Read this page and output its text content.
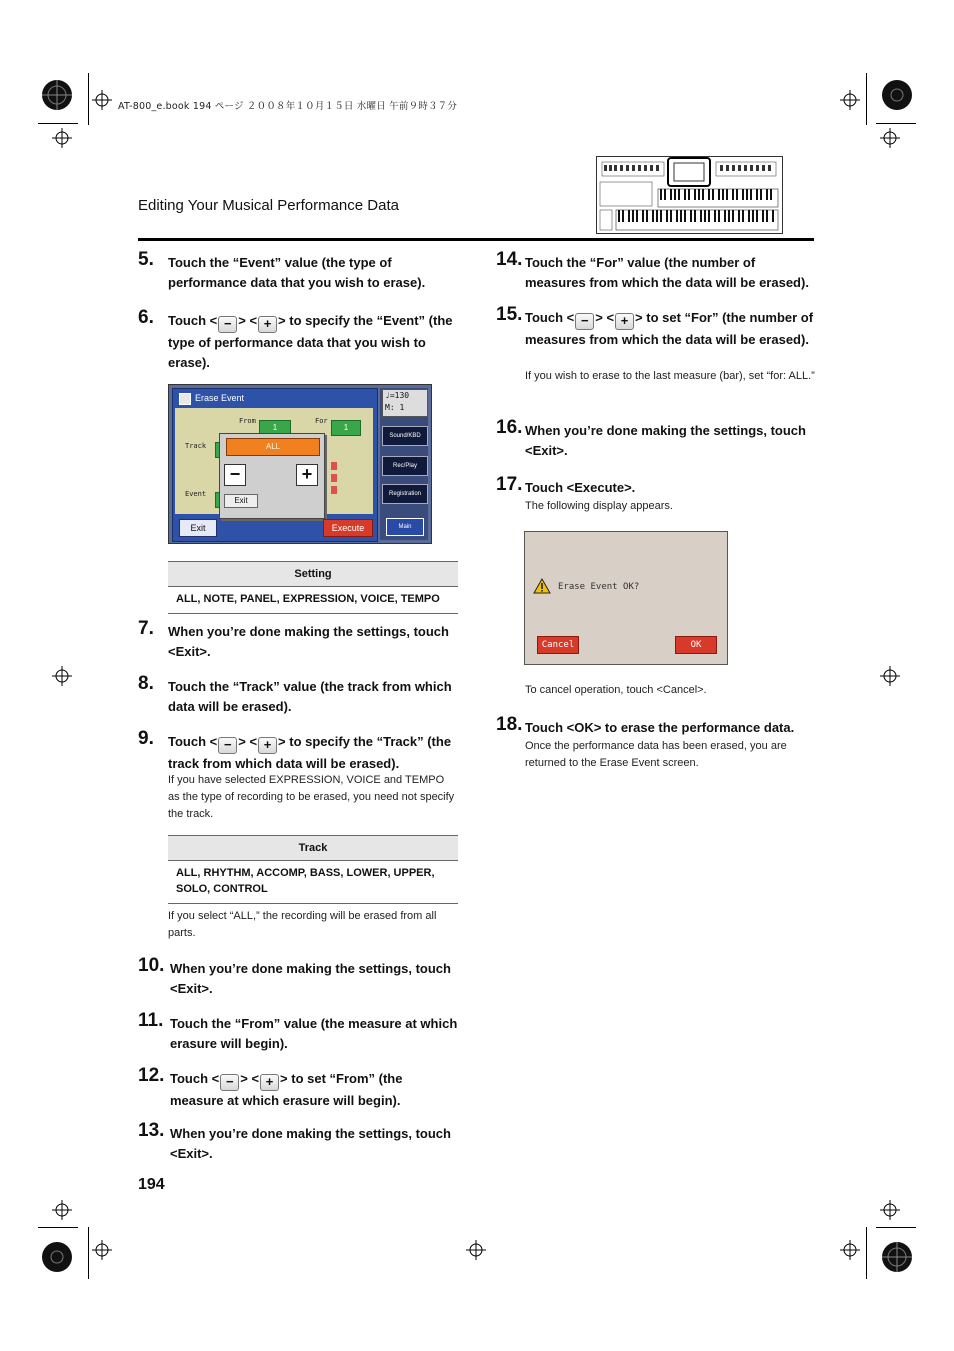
AT-800_e.book 194 ページ ２００８年１０月１５日 水曜日 午前９時３７分
Editing Your Musical Performance Data
5.	Touch the “Event” value (the type of performance data that you wish to erase).
6.	Touch < − > < + > to specify the “Event” (the type of performance data that you wish to erase).
Erase Event
From	For
1	1
Track
Event
ALL
−	+
Exit
Exit	Execute
♩=130
M: 1
Sound/KBD
Rec/Play
Registration
Main
Setting
ALL, NOTE, PANEL, EXPRESSION, VOICE, TEMPO
7.	When you’re done making the settings, touch <Exit>.
8.	Touch the “Track” value (the track from which data will be erased).
9.	Touch < − > < + > to specify the “Track” (the track from which data will be erased).
If you have selected EXPRESSION, VOICE and TEMPO as the type of recording to be erased, you need not specify the track.
Track
ALL, RHYTHM, ACCOMP, BASS, LOWER, UPPER, SOLO, CONTROL
If you select “ALL,” the recording will be erased from all parts.
10. When you’re done making the settings, touch <Exit>.
11. Touch the “From” value (the measure at which erasure will begin).
12. Touch < − > < + > to set “From” (the measure at which erasure will begin).
13. When you’re done making the settings, touch <Exit>.
14. Touch the “For” value (the number of measures from which the data will be erased).
15. Touch < − > < + > to set “For” (the number of measures from which the data will be erased).
If you wish to erase to the last measure (bar), set “for: ALL.”
16. When you’re done making the settings, touch <Exit>.
17. Touch <Execute>.
The following display appears.
Erase Event OK?
Cancel	OK
To cancel operation, touch <Cancel>.
18. Touch <OK> to erase the performance data.
Once the performance data has been erased, you are returned to the Erase Event screen.
194
